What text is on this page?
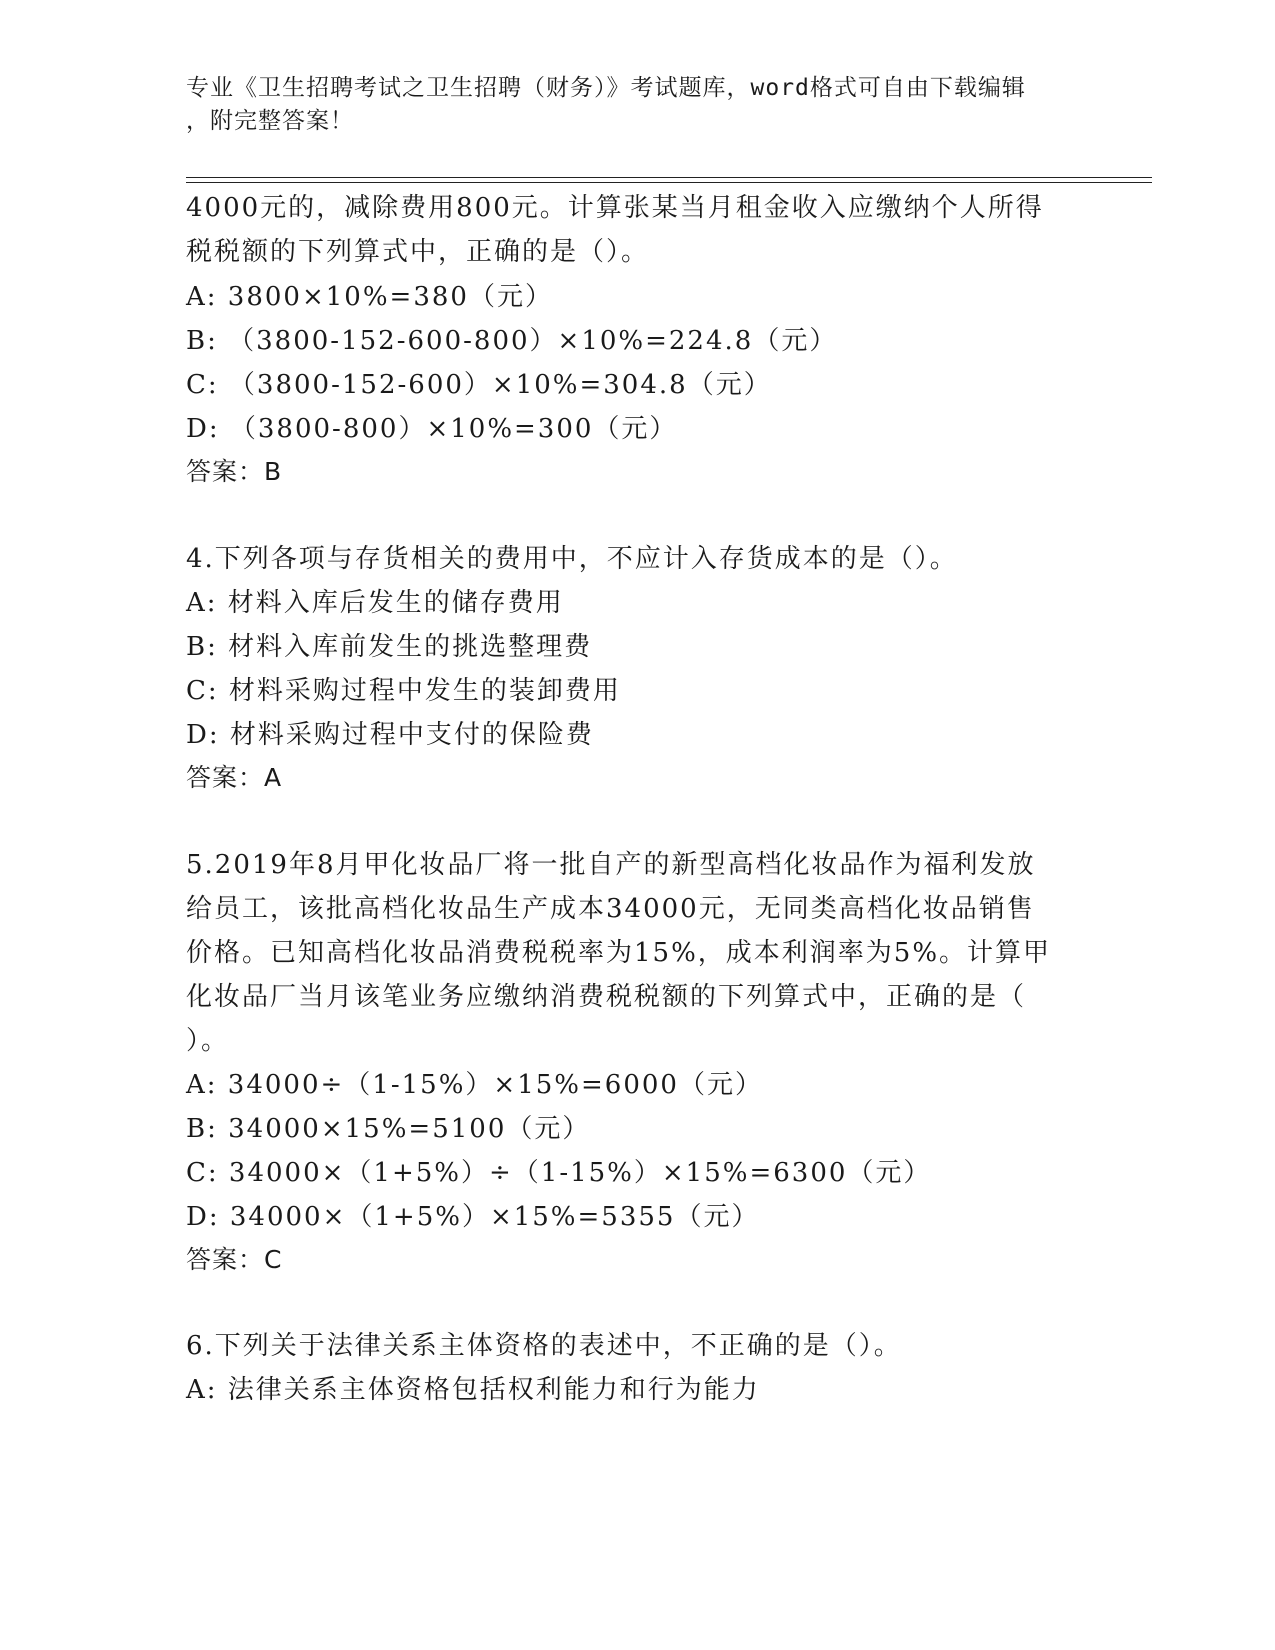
专业《卫生招聘考试之卫生招聘（财务）》考试题库，word格式可自由下载编辑
，附完整答案！
4000元的，减除费用800元。计算张某当月租金收入应缴纳个人所得
税税额的下列算式中，正确的是（）。
A: 3800×10%=380（元）
B: （3800-152-600-800）×10%=224.8（元）
C: （3800-152-600）×10%=304.8（元）
D: （3800-800）×10%=300（元）
答案：B
4.下列各项与存货相关的费用中，不应计入存货成本的是（）。
A: 材料入库后发生的储存费用
B: 材料入库前发生的挑选整理费
C: 材料采购过程中发生的装卸费用
D: 材料采购过程中支付的保险费
答案：A
5.2019年8月甲化妆品厂将一批自产的新型高档化妆品作为福利发放
给员工，该批高档化妆品生产成本34000元，无同类高档化妆品销售
价格。已知高档化妆品消费税税率为15%，成本利润率为5%。计算甲
化妆品厂当月该笔业务应缴纳消费税税额的下列算式中，正确的是（
）。
A: 34000÷（1-15%）×15%=6000（元）
B: 34000×15%=5100（元）
C: 34000×（1+5%）÷（1-15%）×15%=6300（元）
D: 34000×（1+5%）×15%=5355（元）
答案：C
6.下列关于法律关系主体资格的表述中，不正确的是（）。
A: 法律关系主体资格包括权利能力和行为能力
